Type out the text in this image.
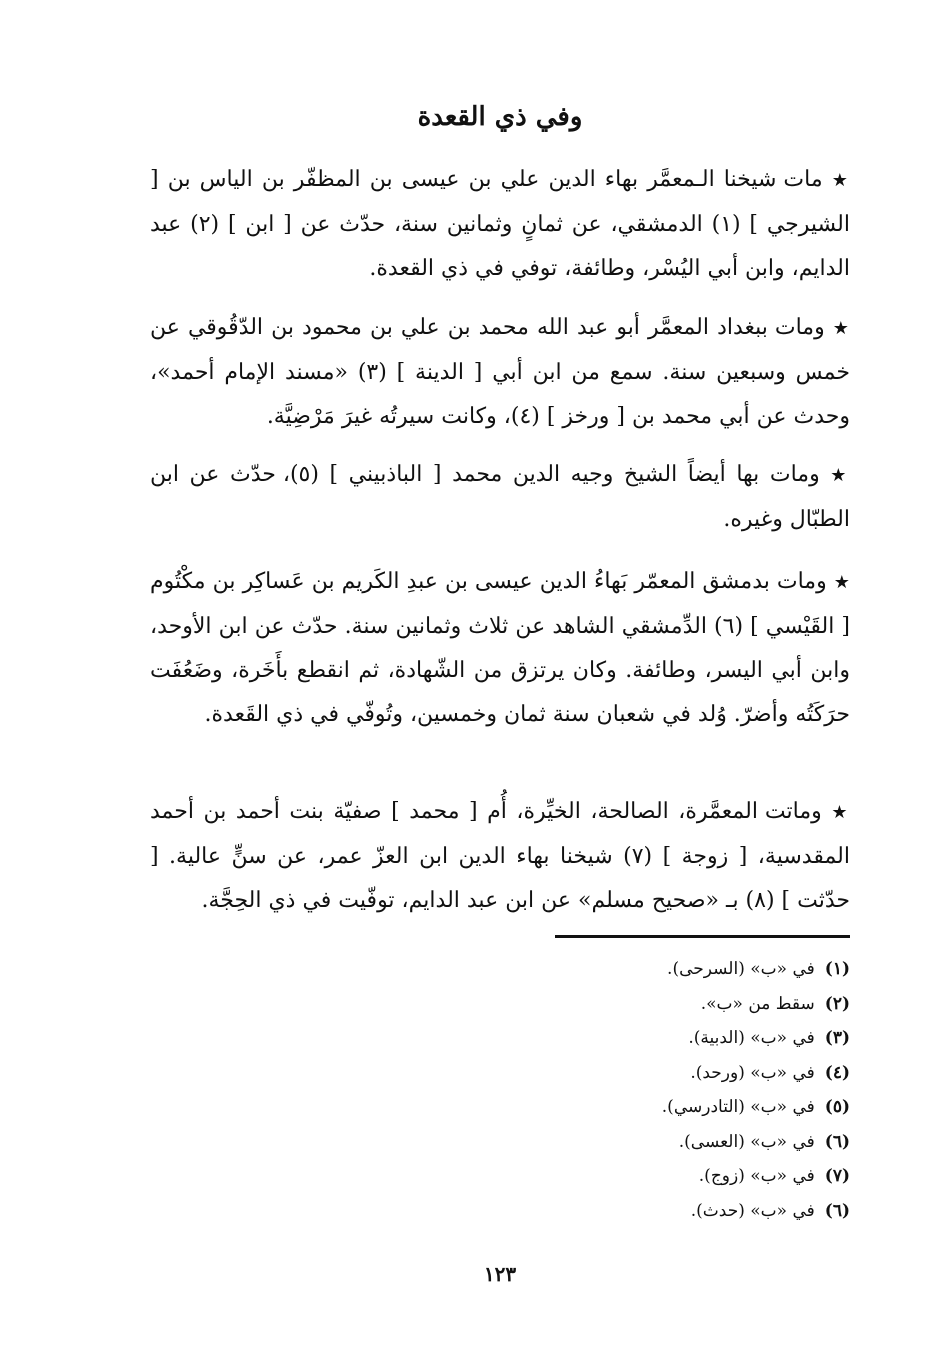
وفي ذي القعدة
★ مات شيخنا الـمعمَّر بهاء الدين علي بن عيسى بن المظفّر بن الياس بن [ الشيرجي ] (١) الدمشقي، عن ثمانٍ وثمانين سنة، حدّث عن [ ابن ] (٢) عبد الدايم، وابن أبي اليُسْر، وطائفة، توفي في ذي القعدة.
★ ومات ببغداد المعمَّر أبو عبد الله محمد بن علي بن محمود بن الدّقُوقي عن خمس وسبعين سنة. سمع من ابن أبي [ الدينة ] (٣) «مسند الإمام أحمد»، وحدث عن أبي محمد بن [ ورخز ] (٤)، وكانت سيرتُه غيرَ مَرْضِيَّة.
★ ومات بها أيضاً الشيخ وجيه الدين محمد [ الباذبيني ] (٥)، حدّث عن ابن الطبّال وغيره.
★ ومات بدمشق المعمّر بَهاءُ الدين عيسى بن عبدِ الكَريم بن عَساكِر بن مكْتُوم [ القَيْسي ] (٦) الدِّمشقي الشاهد عن ثلاث وثمانين سنة. حدّث عن ابن الأوحد، وابن أبي اليسر، وطائفة. وكان يرتزق من الشّهادة، ثم انقطع بأَخَرة، وضَعُفَت حرَكَتُه وأضرّ. وُلد في شعبان سنة ثمان وخمسين، وتُوفّي في ذي القَعدة.
★ وماتت المعمَّرة، الصالحة، الخيِّرة، أُم [ محمد ] صفيّة بنت أحمد بن أحمد المقدسية، [ زوجة ] (٧) شيخنا بهاء الدين ابن العزّ عمر، عن سنٍّ عالية. [ حدّثت ] (٨) بـ «صحيح مسلم» عن ابن عبد الدايم، توفّيت في ذي الحِجَّة.
(١)في «ب» (السرحى).
(٢)سقط من «ب».
(٣)في «ب» (الدبية).
(٤)في «ب» (ورحد).
(٥)في «ب» (التادرسي).
(٦)في «ب» (العسى).
(٧)في «ب» (زوج).
(٦)في «ب» (حدث).
١٢٣
